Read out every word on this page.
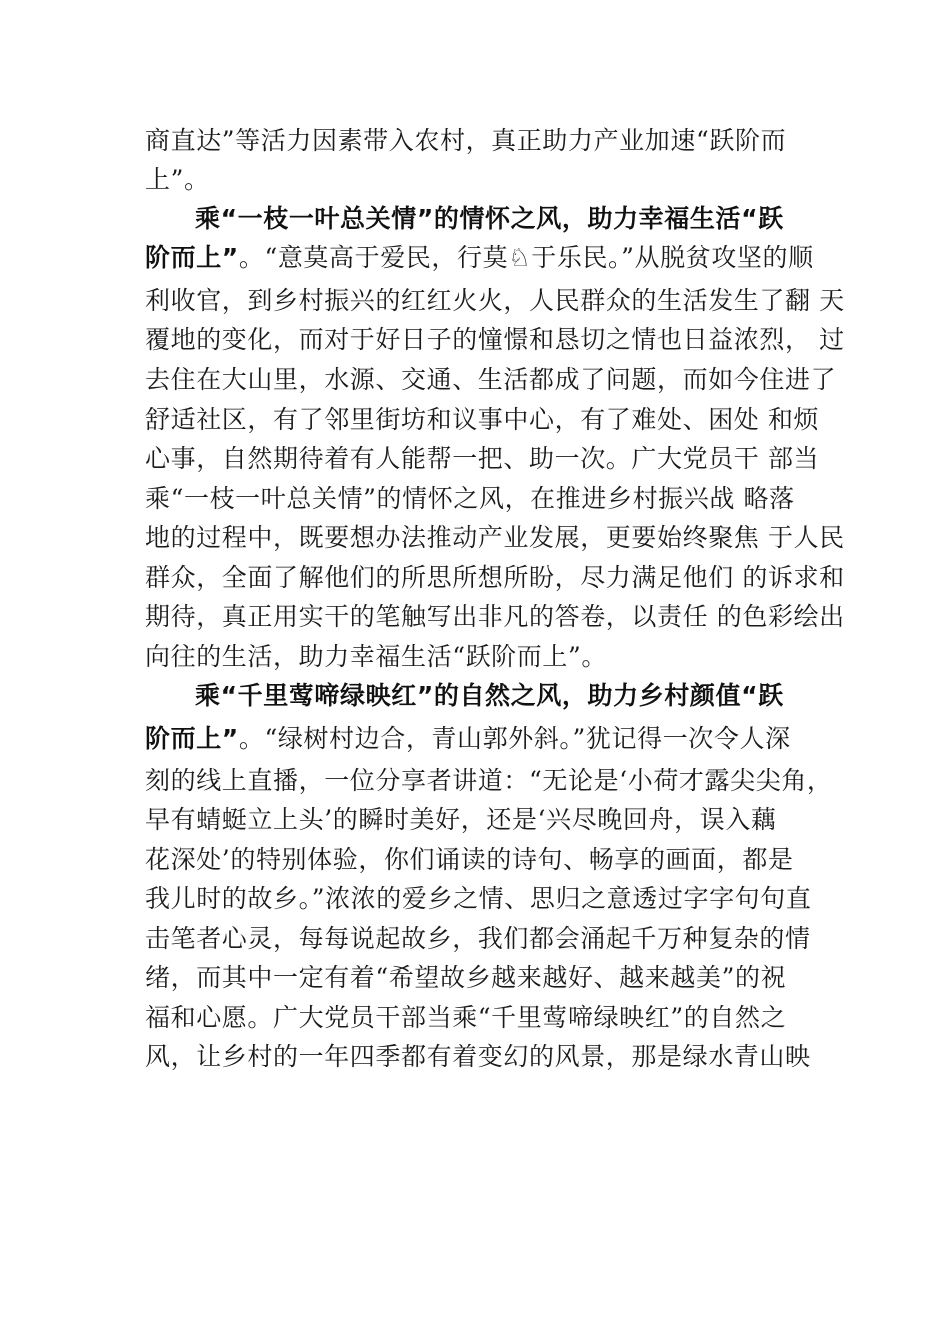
商直达”等活力因素带入农村，真正助力产业加速“跃阶而
上”。
乘“一枝一叶总关情”的情怀之风，助力幸福生活“跃
阶而上”。“意莫高于爱民，行莫♘于乐民。”从脱贫攻坚的顺
利收官，到乡村振兴的红红火火，人民群众的生活发生了翻 天
覆地的变化，而对于好日子的憧憬和恳切之情也日益浓烈， 过
去住在大山里，水源、交通、生活都成了问题，而如今住进了
舒适社区，有了邻里街坊和议事中心，有了难处、困处 和烦
心事，自然期待着有人能帮一把、助一次。广大党员干 部当
乘“一枝一叶总关情”的情怀之风，在推进乡村振兴战 略落
地的过程中，既要想办法推动产业发展，更要始终聚焦 于人民
群众，全面了解他们的所思所想所盼，尽力满足他们 的诉求和
期待，真正用实干的笔触写出非凡的答卷，以责任 的色彩绘出
向往的生活，助力幸福生活“跃阶而上”。
乘“千里莺啼绿映红”的自然之风，助力乡村颜值“跃
阶而上”。“绿树村边合，青山郭外斜。”犹记得一次令人深
刻的线上直播，一位分享者讲道：“无论是‘小荷才露尖尖角，
早有蜻蜓立上头’的瞬时美好，还是‘兴尽晚回舟，误入藕
花深处’的特别体验，你们诵读的诗句、畅享的画面，都是
我儿时的故乡。”浓浓的爱乡之情、思归之意透过字字句句直
击笔者心灵，每每说起故乡，我们都会涌起千万种复杂的情
绪，而其中一定有着“希望故乡越来越好、越来越美”的祝
福和心愿。广大党员干部当乘“千里莺啼绿映红”的自然之
风，让乡村的一年四季都有着变幻的风景，那是绿水青山映
